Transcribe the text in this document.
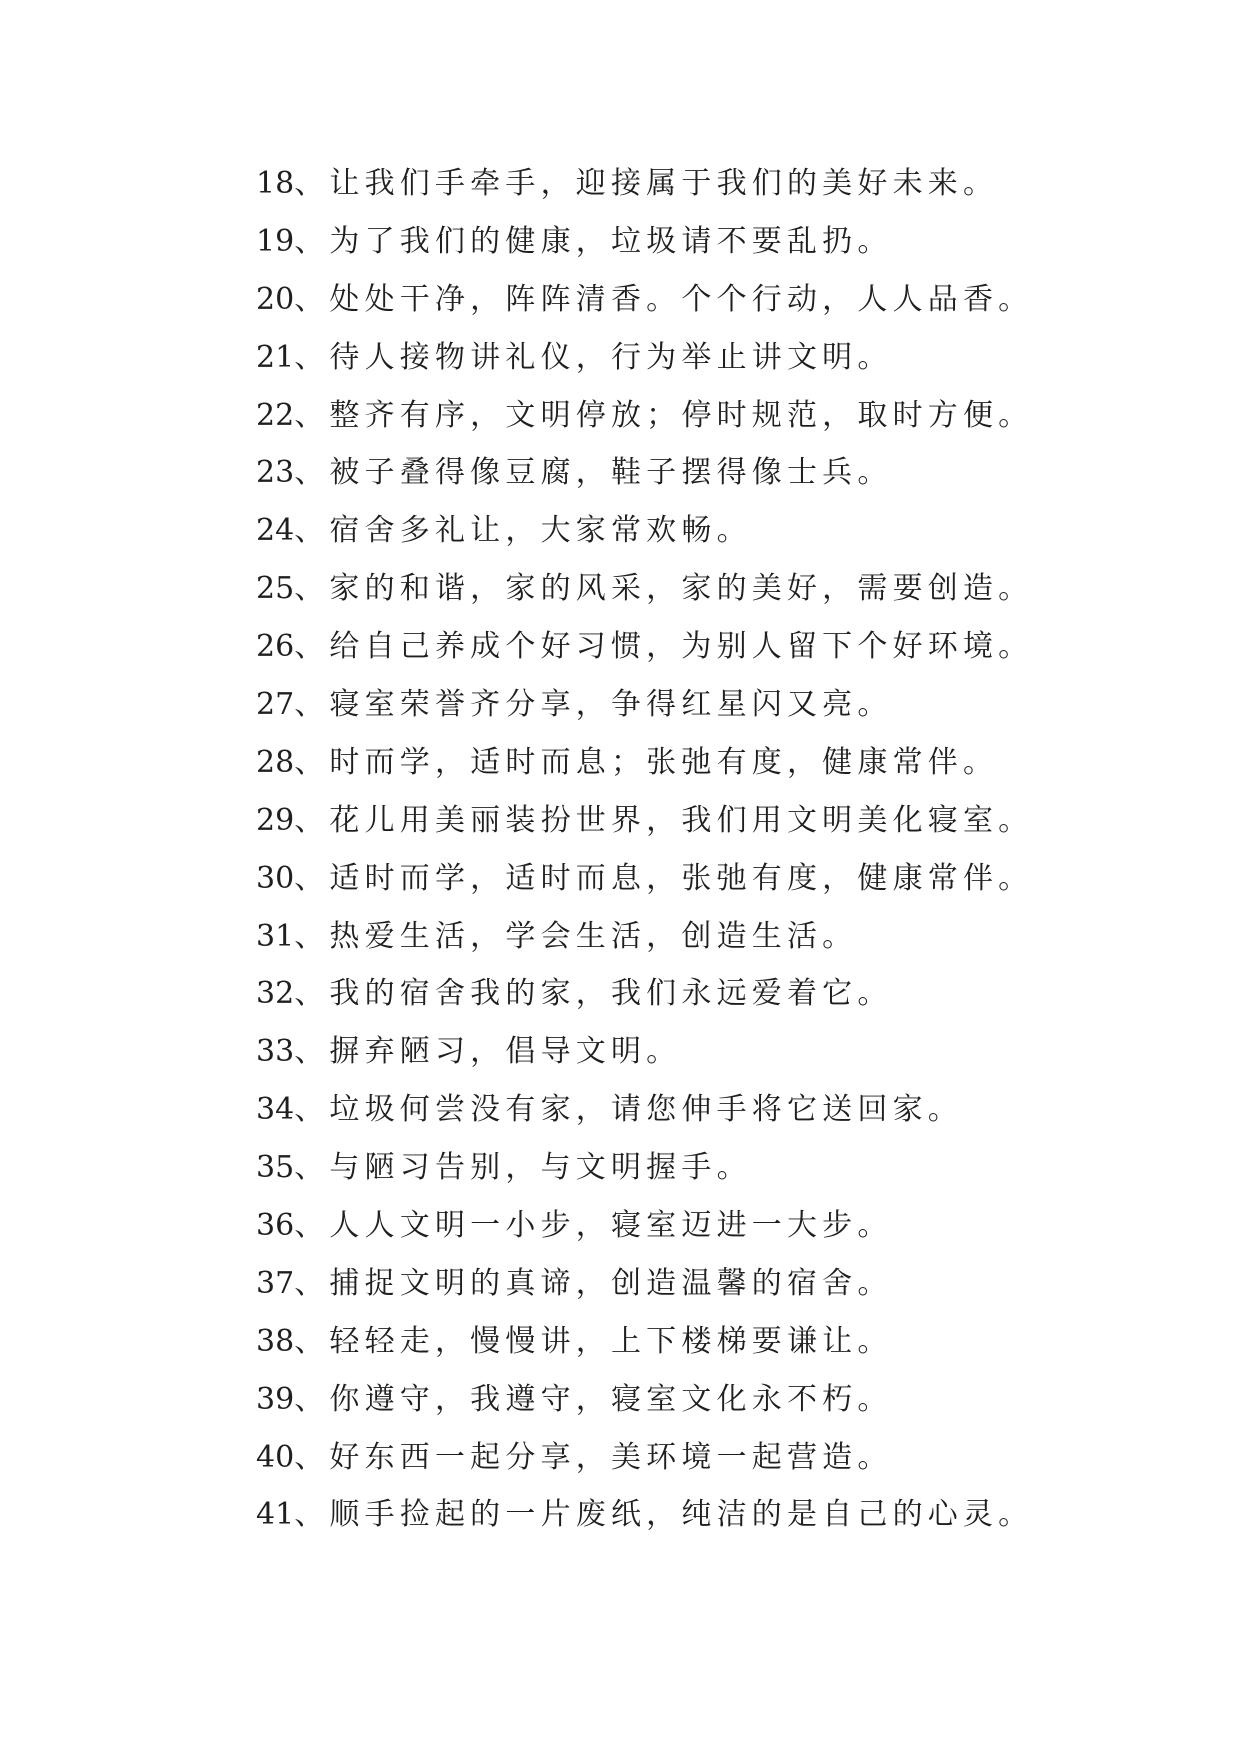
18、让我们手牵手，迎接属于我们的美好未来。
19、为了我们的健康，垃圾请不要乱扔。
20、处处干净，阵阵清香。个个行动，人人品香。
21、待人接物讲礼仪，行为举止讲文明。
22、整齐有序，文明停放；停时规范，取时方便。
23、被子叠得像豆腐，鞋子摆得像士兵。
24、宿舍多礼让，大家常欢畅。
25、家的和谐，家的风采，家的美好，需要创造。
26、给自己养成个好习惯，为别人留下个好环境。
27、寝室荣誉齐分享，争得红星闪又亮。
28、时而学，适时而息；张弛有度，健康常伴。
29、花儿用美丽装扮世界，我们用文明美化寝室。
30、适时而学，适时而息，张弛有度，健康常伴。
31、热爱生活，学会生活，创造生活。
32、我的宿舍我的家，我们永远爱着它。
33、摒弃陋习，倡导文明。
34、垃圾何尝没有家，请您伸手将它送回家。
35、与陋习告别，与文明握手。
36、人人文明一小步，寝室迈进一大步。
37、捕捉文明的真谛，创造温馨的宿舍。
38、轻轻走，慢慢讲，上下楼梯要谦让。
39、你遵守，我遵守，寝室文化永不朽。
40、好东西一起分享，美环境一起营造。
41、顺手捡起的一片废纸，纯洁的是自己的心灵。
